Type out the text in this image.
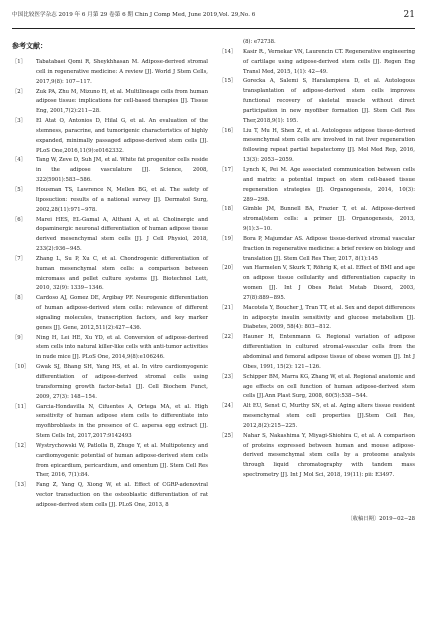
中国比较医学杂志 2019 年 6 月第 29 卷第 6 期 Chin J Comp Med, June 2019,Vol. 29,No. 6	21
参考文献：
［1］	Tabatabaei Qomi R, Sheykhhasan M. Adipose-derived stromal cell in regenerative medicine: A review [J]. World J Stem Cells, 2017,9(8): 107−117.
［2］	Zuk PA, Zhu M, Mizuno H, et al. Multilineage cells from human adipose tissue: implications for cell-based therapies [J]. Tissue Eng, 2001,7(2):211−28.
［3］	El Atat O, Antonios D, Hilal G, et al. An evaluation of the stemness, paracrine, and tumorigenic characteristics of highly expanded, minimally passaged adipose-derived stem cells [J]. PLoS One,2016,11(9):e0162332.
［4］	Tang W, Zeve D, Suh JM, et al. White fat progenitor cells reside in the adipose vasculature [J]. Science, 2008, 322(5901):583−586.
［5］	Housman TS, Lawrence N, Mellen BG, et al. The safety of liposuction: results of a national survey [J]. Dermatol Surg, 2002,28(11):971−978.
［6］	Marei HES, EL-Gamal A, Althani A, et al. Cholinergic and dopaminergic neuronal differentiation of human adipose tissue derived mesenchymal stem cells [J]. J Cell Physiol, 2018, 233(2):936−945.
［7］	Zhang L, Su P, Xu C, et al. Chondrogenic differentiation of human mesenchymal stem cells: a comparison between micromass and pellet culture systems [J]. Biotechnol Lett, 2010, 32(9): 1339−1346.
［8］	Cardoso AJ, Gomez DE, Argibay PF. Neurogenic differentiation of human adipose-derived stem cells: relevance of different signaling molecules, transcription factors, and key marker genes [J]. Gene, 2012,511(2):427−436.
［9］	Ning H, Lei HE, Xu YD, et al. Conversion of adipose-derived stem cells into natural killer-like cells with anti-tumor activities in nude mice [J]. PLoS One, 2014,9(8):e106246.
［10］	Gwak SJ, Bhang SH, Yang HS, et al. In vitro cardiomyogenic differentiation of adipose-derived stromal cells using transforming growth factor-beta1 [J]. Cell Biochem Funct, 2009, 27(3): 148−154.
［11］	Garcia-Hondavilla N, Cifuentes A, Ortega MA, et al. High sensitivity of human adipose stem cells to differentiate into myofibroblasts in the presence of C. aspersa egg extract [J]. Stem Cells Int, 2017,2017:9142493
［12］	Wystrychowski W, Patlolla B, Zhuge Y, et al. Multipotency and cardiomyogenic potential of human adipose-derived stem cells from epicardium, pericardium, and omentum [J]. Stem Cell Res Ther, 2016, 7(1):84.
［13］	Fang Z, Yang Q, Xiong W, et al. Effect of CGRP-adenoviral vector transduction on the osteoblastic differentiation of rat adipose-derived stem cells [J]. PLoS One, 2013, 8
(8): e72738.
［14］	Kasir R., Vernekar VN, Laurencin CT. Regenerative engineering of cartilage using adipose-derived stem cells [J]. Regen Eng Transl Med, 2015, 1(1): 42−49.
［15］	Gorecka A, Salemi S, Haralampieva D, et al. Autologous transplantation of adipose-derived stem cells improves functional recovery of skeletal muscle without direct participation in new myofiber formation [J]. Stem Cell Res Ther,2018,9(1): 195.
［16］	Liu T, Mu H, Shen Z, et al. Autologous adipose tissue-derived mesenchymal stem cells are involved in rat liver regeneration following repeat partial hepatectomy [J]. Mol Med Rep, 2016, 13(3): 2053−2059.
［17］	Lynch K, Pei M. Age associated communication between cells and matrix: a potential impact on stem cell-based tissue regeneration strategies [J]. Organogenesis, 2014, 10(3): 289−298.
［18］	Gimble JM, Bunnell BA, Frazier T, et al. Adipose-derived stromal/stem cells: a primer [J]. Organogenesis, 2013, 9(1):3−10.
［19］	Bora P, Majumdar AS. Adipose tissue-derived stromal vascular fraction in regenerative medicine: a brief review on biology and translation [J]. Stem Cell Res Ther, 2017, 8(1):145
［20］	van Harmelen V, Skurk T, Röhrig K, et al. Effect of BMI and age on adipose tissue cellularity and differentiation capacity in women [J]. Int J Obes Relat Metab Disord, 2003, 27(8):889−895.
［21］	Macotela Y, Boucher J, Tran TT, et al. Sex and depot differences in adipocyte insulin sensitivity and glucose metabolism [J]. Diabetes, 2009, 58(4): 803−812.
［22］	Hauner H, Entenmann G. Regional variation of adipose differentiation in cultured stromal-vascular cells from the abdominal and femoral adipose tissue of obese women [J]. Int J Obes, 1991, 15(2): 121−126.
［23］	Schipper BM, Marra KG, Zhang W, et al. Regional anatomic and age effects on cell function of human adipose-derived stem cells [J].Ann Plast Surg, 2008, 60(5):538−544.
［24］	Alt EU, Senst C, Murthy SN, et al. Aging alters tissue resident mesenchymal stem cell properties [J].Stem Cell Res, 2012,8(2):215−225.
［25］	Nahar S, Nakashima Y, Miyagi-Shiohira C, et al. A comparison of proteins expressed between human and mouse adipose-derived mesenchymal stem cells by a proteome analysis through liquid chromatography with tandem mass spectrometry [J]. Int J Mol Sci, 2018, 19(11): pii: E3497.
〔收稿日期〕2019−02−28
